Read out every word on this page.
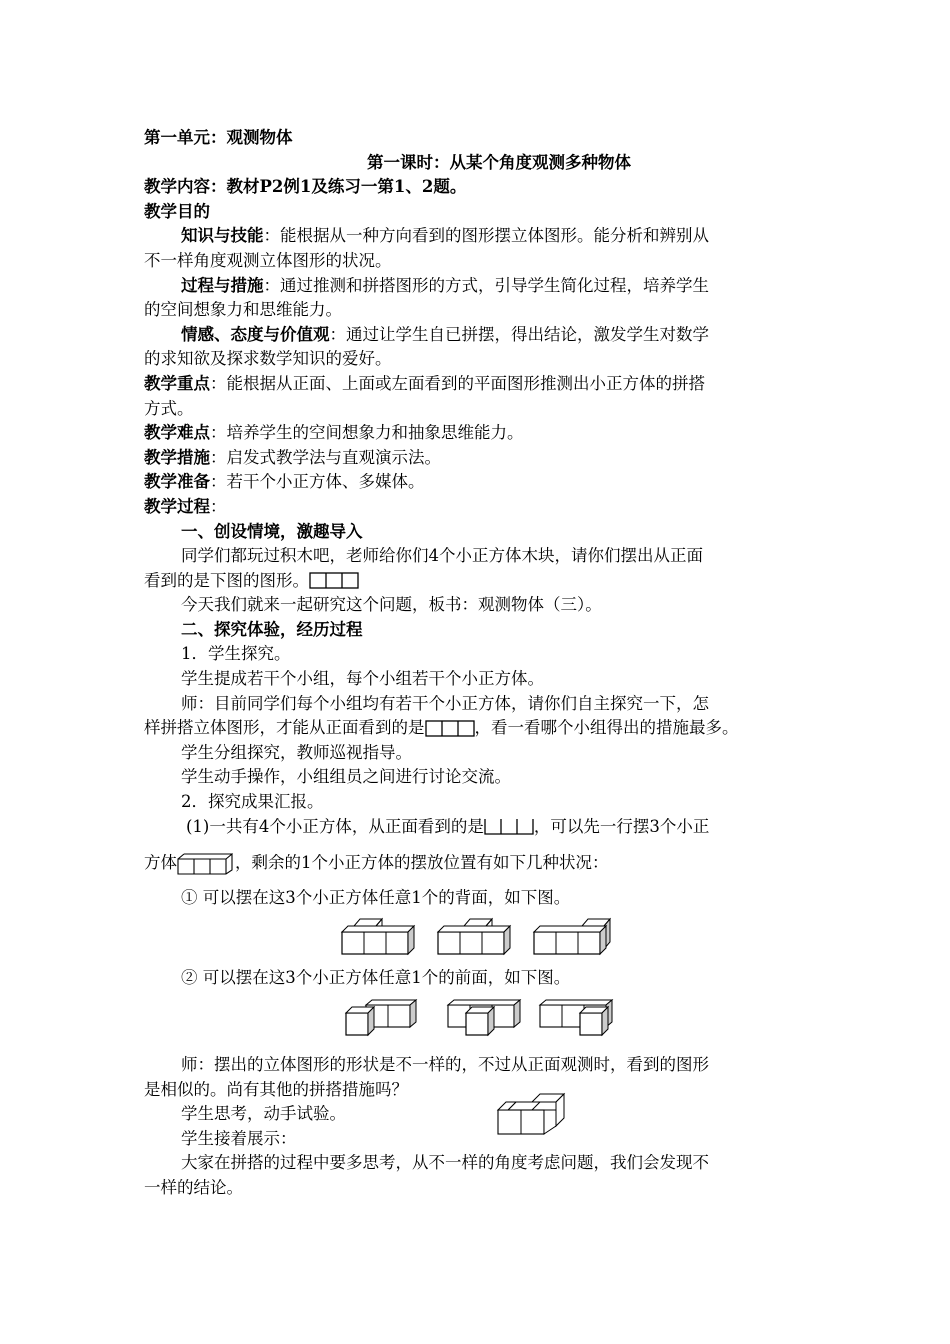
第一单元：观测物体
第一课时：从某个角度观测多种物体
教学内容：教材P2例1及练习一第1、2题。
教学目的
知识与技能：能根据从一种方向看到的图形摆立体图形。能分析和辨别从
不一样角度观测立体图形的状况。
过程与措施：通过推测和拼搭图形的方式，引导学生简化过程，培养学生
的空间想象力和思维能力。
情感、态度与价值观：通过让学生自已拼摆，得出结论，激发学生对数学
的求知欲及探求数学知识的爱好。
教学重点：能根据从正面、上面或左面看到的平面图形推测出小正方体的拼搭
方式。
教学难点：培养学生的空间想象力和抽象思维能力。
教学措施：启发式教学法与直观演示法。
教学准备：若干个小正方体、多媒体。
教学过程：
一、创设情境，激趣导入
同学们都玩过积木吧，老师给你们4个小正方体木块，请你们摆出从正面
看到的是下图的图形。
今天我们就来一起研究这个问题，板书：观测物体（三）。
二、探究体验，经历过程
1．学生探究。
学生提成若干个小组，每个小组若干个小正方体。
师：目前同学们每个小组均有若干个小正方体，请你们自主探究一下，怎
样拼搭立体图形，才能从正面看到的是	，看一看哪个小组得出的措施最多。
学生分组探究，教师巡视指导。
学生动手操作，小组组员之间进行讨论交流。
2．探究成果汇报。
(1)一共有4个小正方体，从正面看到的是	，可以先一行摆3个小正
方体	，剩余的1个小正方体的摆放位置有如下几种状况：
① 可以摆在这3个小正方体任意1个的背面，如下图。
② 可以摆在这3个小正方体任意1个的前面，如下图。
师：摆出的立体图形的形状是不一样的，不过从正面观测时，看到的图形
是相似的。尚有其他的拼搭措施吗？
学生思考，动手试验。
学生接着展示：
大家在拼搭的过程中要多思考，从不一样的角度考虑问题，我们会发现不
一样的结论。
